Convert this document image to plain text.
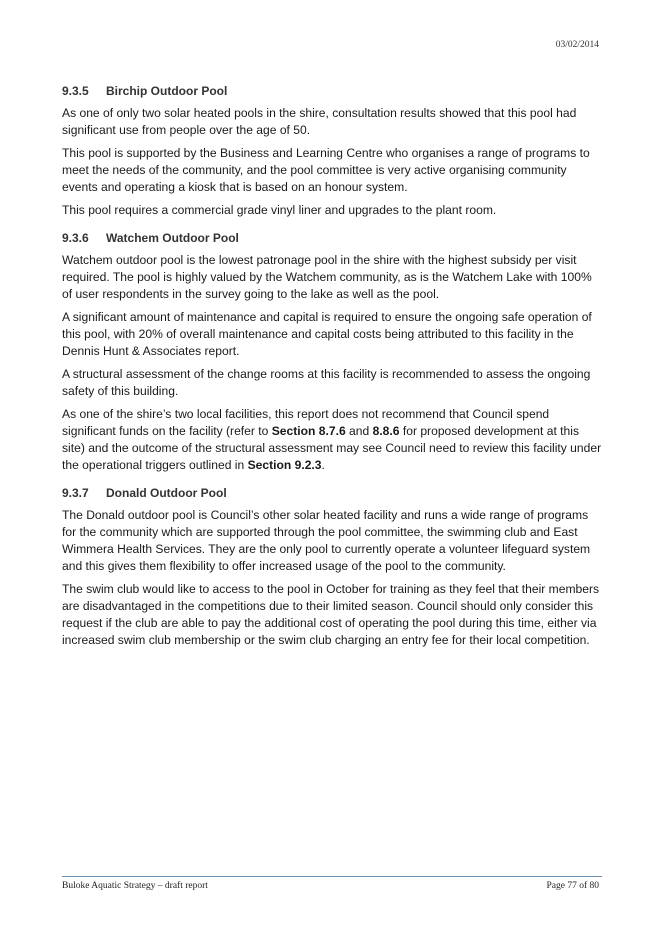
03/02/2014
9.3.5 Birchip Outdoor Pool

As one of only two solar heated pools in the shire, consultation results showed that this pool had significant use from people over the age of 50.

This pool is supported by the Business and Learning Centre who organises a range of programs to meet the needs of the community, and the pool committee is very active organising community events and operating a kiosk that is based on an honour system.

This pool requires a commercial grade vinyl liner and upgrades to the plant room.

9.3.6 Watchem Outdoor Pool

Watchem outdoor pool is the lowest patronage pool in the shire with the highest subsidy per visit required. The pool is highly valued by the Watchem community, as is the Watchem Lake with 100% of user respondents in the survey going to the lake as well as the pool.

A significant amount of maintenance and capital is required to ensure the ongoing safe operation of this pool, with 20% of overall maintenance and capital costs being attributed to this facility in the Dennis Hunt & Associates report.

A structural assessment of the change rooms at this facility is recommended to assess the ongoing safety of this building.

As one of the shire’s two local facilities, this report does not recommend that Council spend significant funds on the facility (refer to Section 8.7.6 and 8.8.6 for proposed development at this site) and the outcome of the structural assessment may see Council need to review this facility under the operational triggers outlined in Section 9.2.3.

9.3.7 Donald Outdoor Pool

The Donald outdoor pool is Council’s other solar heated facility and runs a wide range of programs for the community which are supported through the pool committee, the swimming club and East Wimmera Health Services. They are the only pool to currently operate a volunteer lifeguard system and this gives them flexibility to offer increased usage of the pool to the community.

The swim club would like to access to the pool in October for training as they feel that their members are disadvantaged in the competitions due to their limited season. Council should only consider this request if the club are able to pay the additional cost of operating the pool during this time, either via increased swim club membership or the swim club charging an entry fee for their local competition.

Buloke Aquatic Strategy – draft report	Page 77 of 80
